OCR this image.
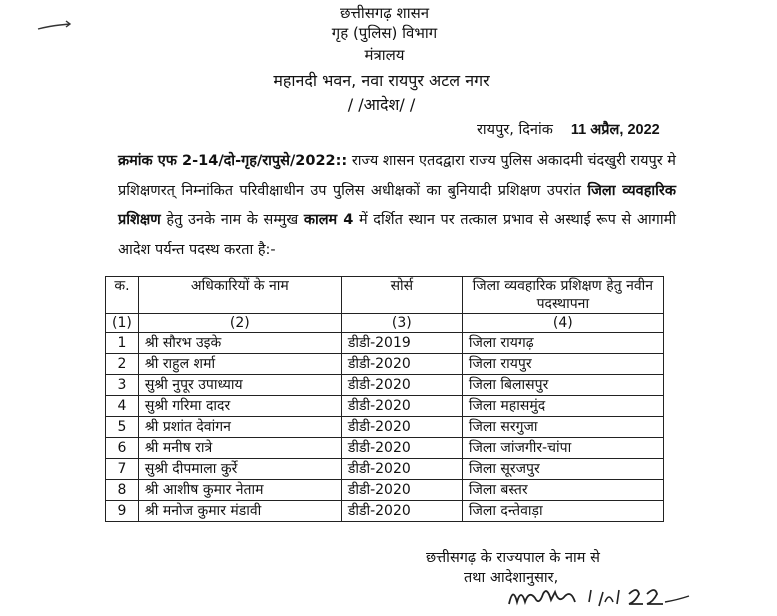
छत्तीसगढ़ शासन
गृह (पुलिस) विभाग
मंत्रालय
महानदी भवन, नवा रायपुर अटल नगर
/ /आदेश/ /
रायपुर, दिनांक 11 अप्रैल, 2022
क्रमांक एफ 2-14/दो-गृह/रापुसे/2022:: राज्य शासन एतदद्वारा राज्य पुलिस अकादमी चंदखुरी रायपुर मे प्रशिक्षणरत् निम्नांकित परिवीक्षाधीन उप पुलिस अधीक्षकों का बुनियादी प्रशिक्षण उपरांत जिला व्यवहारिक प्रशिक्षण हेतु उनके नाम के सम्मुख कालम 4 में दर्शित स्थान पर तत्काल प्रभाव से अस्थाई रूप से आगामी आदेश पर्यन्त पदस्थ करता है:-
क.	अधिकारियों के नाम	सोर्स	जिला व्यवहारिक प्रशिक्षण हेतु नवीन पदस्थापना
(1)	(2)	(3)	(4)
1	श्री सौरभ उइके	डीडी-2019	जिला रायगढ़
2	श्री राहुल शर्मा	डीडी-2020	जिला रायपुर
3	सुश्री नुपूर उपाध्याय	डीडी-2020	जिला बिलासपुर
4	सुश्री गरिमा दादर	डीडी-2020	जिला महासमुंद
5	श्री प्रशांत देवांगन	डीडी-2020	जिला सरगुजा
6	श्री मनीष रात्रे	डीडी-2020	जिला जांजगीर-चांपा
7	सुश्री दीपमाला कुर्रे	डीडी-2020	जिला सूरजपुर
8	श्री आशीष कुमार नेताम	डीडी-2020	जिला बस्तर
9	श्री मनोज कुमार मंडावी	डीडी-2020	जिला दन्तेवाड़ा
छत्तीसगढ़ के राज्यपाल के नाम से
तथा आदेशानुसार,
